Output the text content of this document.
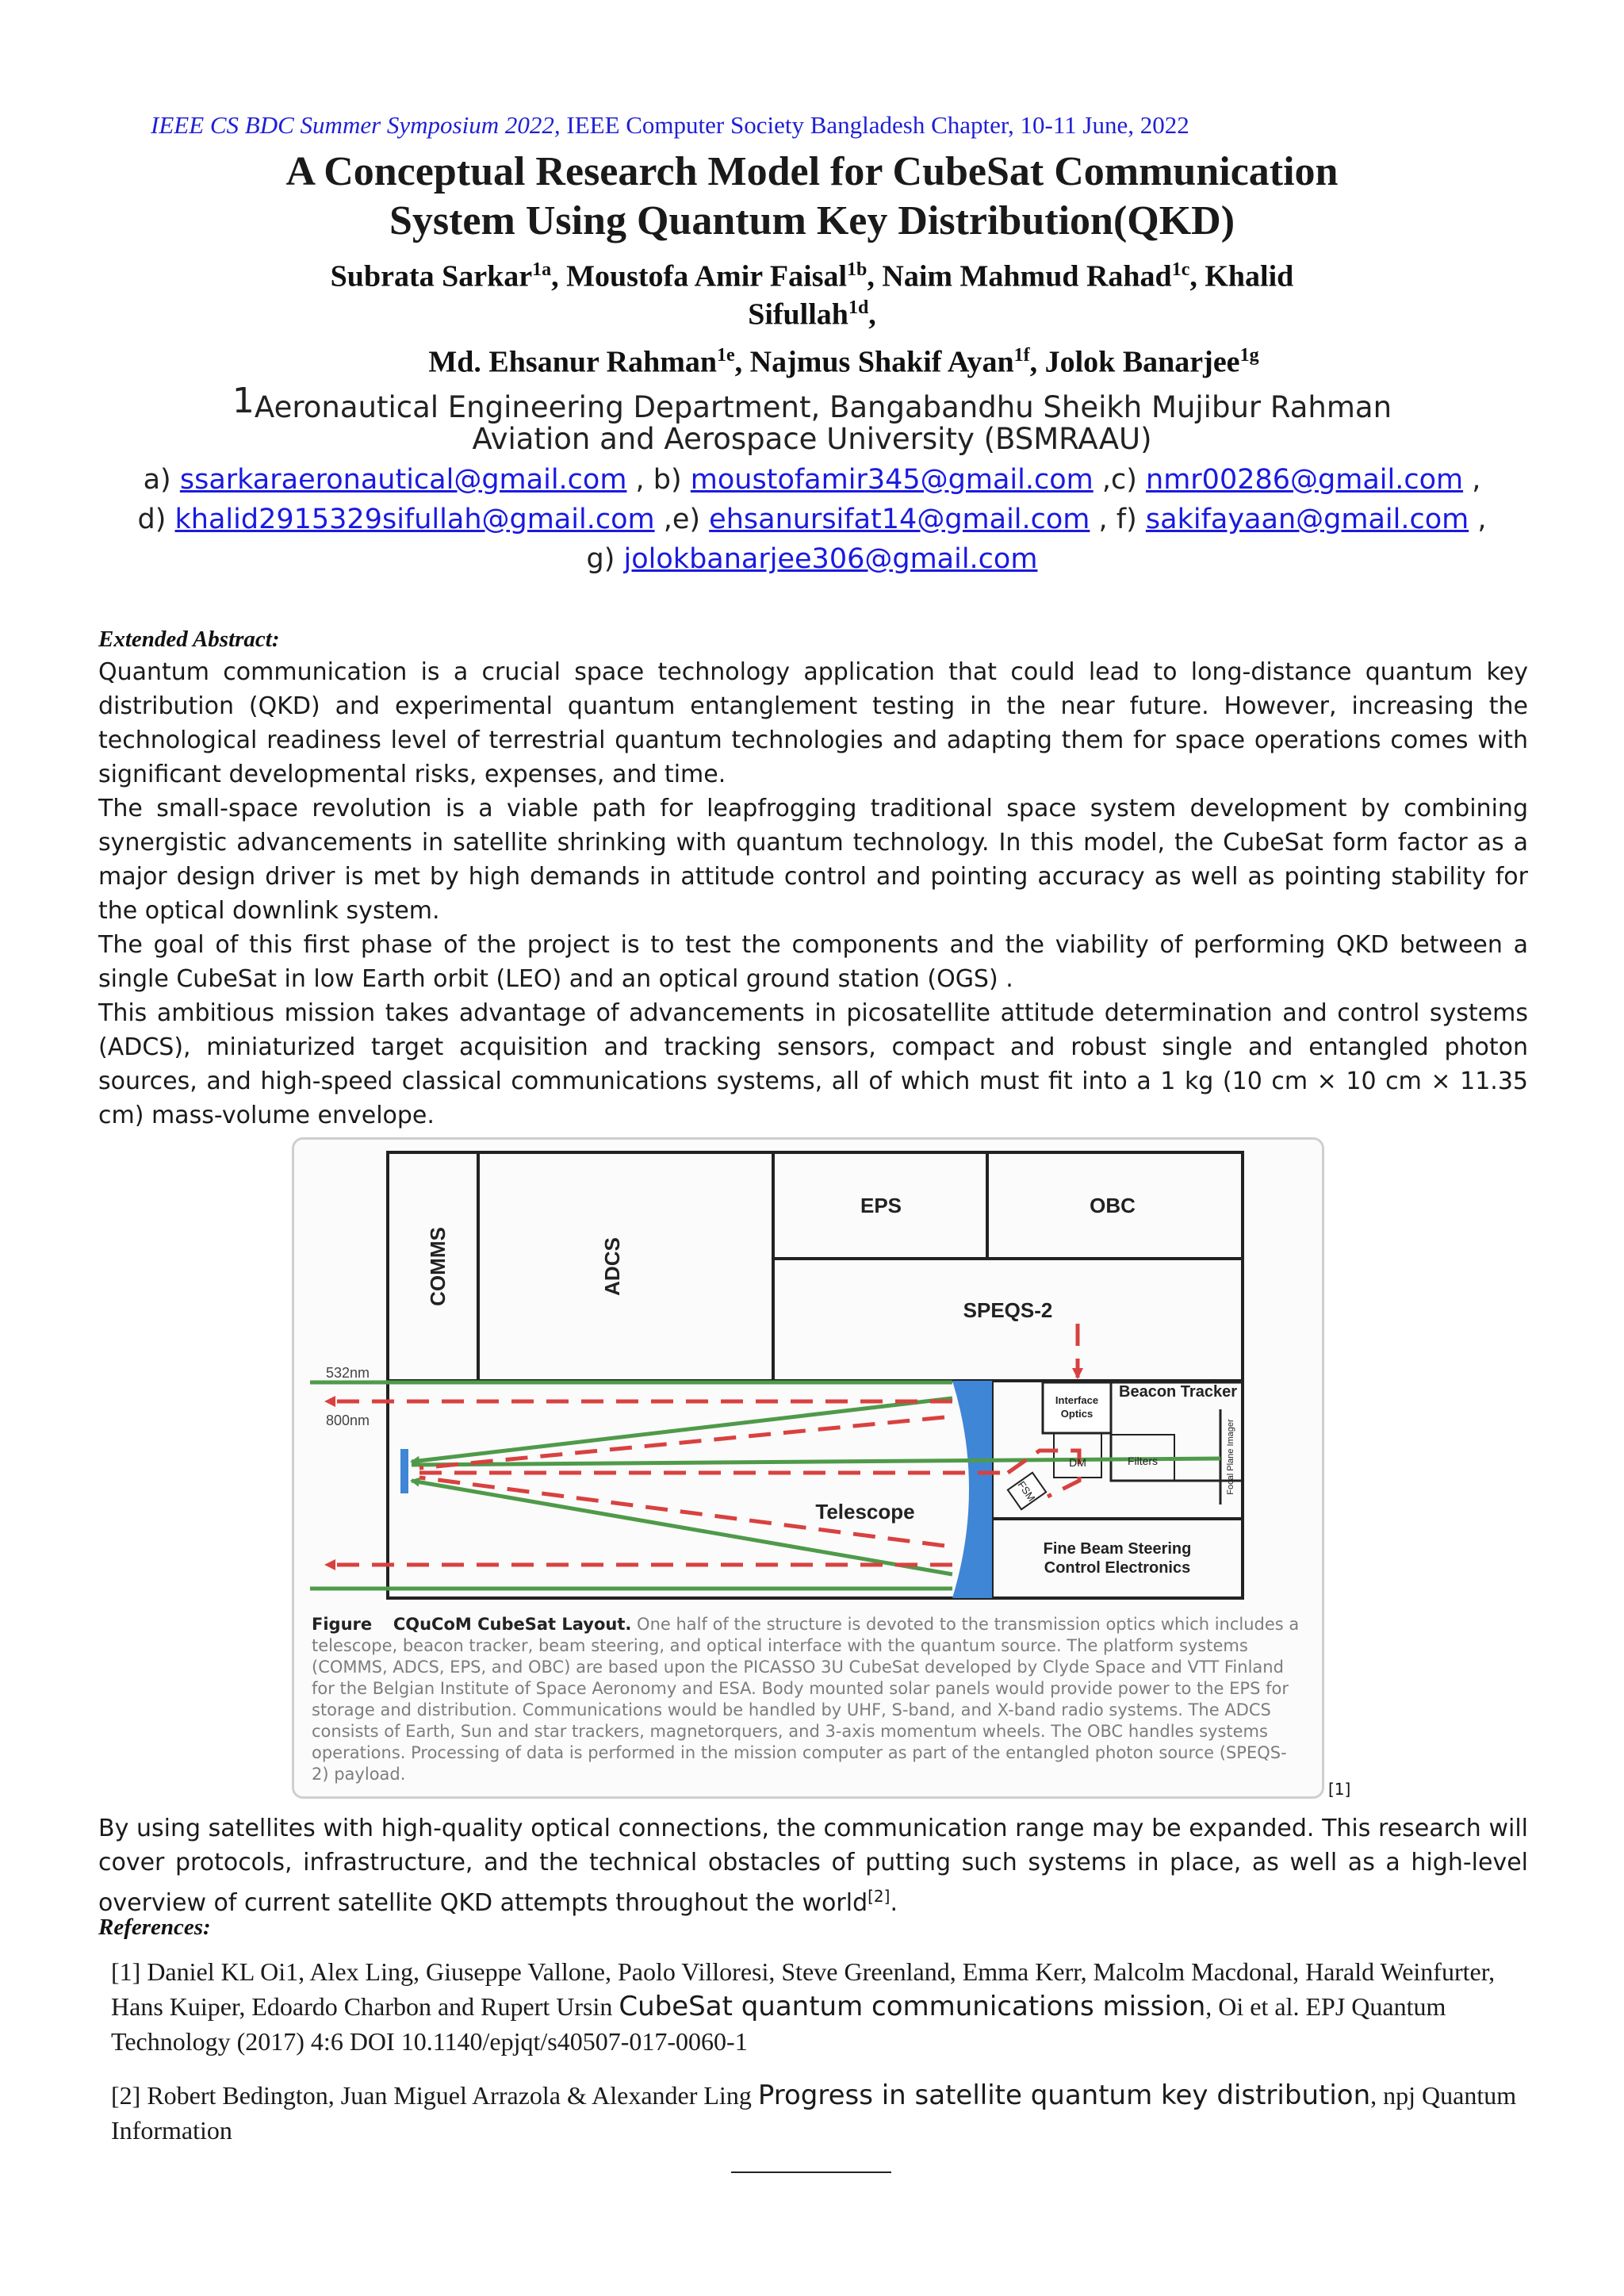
IEEE CS BDC Summer Symposium 2022, IEEE Computer Society Bangladesh Chapter, 10-11 June, 2022
A Conceptual Research Model for CubeSat Communication
System Using Quantum Key Distribution(QKD)
Subrata Sarkar$^{1a}$, Moustofa Amir Faisal$^{1b}$, Naim Mahmud Rahad$^{1c}$, Khalid
Sifullah$^{1d}$,
Md. Ehsanur Rahman$^{1e}$, Najmus Shakif Ayan$^{1f}$, Jolok Banarjee$^{1g}$
$^1$Aeronautical Engineering Department, Bangabandhu Sheikh Mujibur Rahman
Aviation and Aerospace University (BSMRAAU)
a) ssarkaraeronautical@gmail.com , b) moustofamir345@gmail.com ,c) nmr00286@gmail.com ,
d) khalid2915329sifullah@gmail.com ,e) ehsanursifat14@gmail.com , f) sakifayaan@gmail.com ,
g) jolokbanarjee306@gmail.com
Extended Abstract:

Quantum communication is a crucial space technology application that could lead to long-distance quantum key distribution (QKD) and experimental quantum entanglement testing in the near future. However, increasing the technological readiness level of terrestrial quantum technologies and adapting them for space operations comes with significant developmental risks, expenses, and time.

The small-space revolution is a viable path for leapfrogging traditional space system development by combining synergistic advancements in satellite shrinking with quantum technology. In this model, the CubeSat form factor as a major design driver is met by high demands in attitude control and pointing accuracy as well as pointing stability for the optical downlink system.

The goal of this first phase of the project is to test the components and the viability of performing QKD between a single CubeSat in low Earth orbit (LEO) and an optical ground station (OGS) .

This ambitious mission takes advantage of advancements in picosatellite attitude determination and control systems (ADCS), miniaturized target acquisition and tracking sensors, compact and robust single and entangled photon sources, and high-speed classical communications systems, all of which must fit into a 1 kg (10 cm × 10 cm × 11.35 cm) mass-volume envelope.

COMMS	ADCS
EPS	OBC
SPEQS-2
Beacon Tracker
Interface
Optics
DM	Filters
FSM	Focal Plane Imager
Telescope
Fine Beam Steering
Control Electronics
532nm
800nm
Figure CQuCoM CubeSat Layout. One half of the structure is devoted to the transmission optics which includes a telescope, beacon tracker, beam steering, and optical interface with the quantum source. The platform systems (COMMS, ADCS, EPS, and OBC) are based upon the PICASSO 3U CubeSat developed by Clyde Space and VTT Finland for the Belgian Institute of Space Aeronomy and ESA. Body mounted solar panels would provide power to the EPS for storage and distribution. Communications would be handled by UHF, S-band, and X-band radio systems. The ADCS consists of Earth, Sun and star trackers, magnetorquers, and 3-axis momentum wheels. The OBC handles systems operations. Processing of data is performed in the mission computer as part of the entangled photon source (SPEQS-2) payload.
[1]

By using satellites with high-quality optical connections, the communication range may be expanded. This research will cover protocols, infrastructure, and the technical obstacles of putting such systems in place, as well as a high-level overview of current satellite QKD attempts throughout the world[2].

References:

[1] Daniel KL Oi1, Alex Ling, Giuseppe Vallone, Paolo Villoresi, Steve Greenland, Emma Kerr, Malcolm Macdonal, Harald Weinfurter, Hans Kuiper, Edoardo Charbon and Rupert Ursin CubeSat quantum communications mission, Oi et al. EPJ Quantum Technology (2017) 4:6 DOI 10.1140/epjqt/s40507-017-0060-1

[2] Robert Bedington, Juan Miguel Arrazola & Alexander Ling Progress in satellite quantum key distribution, npj Quantum Information
